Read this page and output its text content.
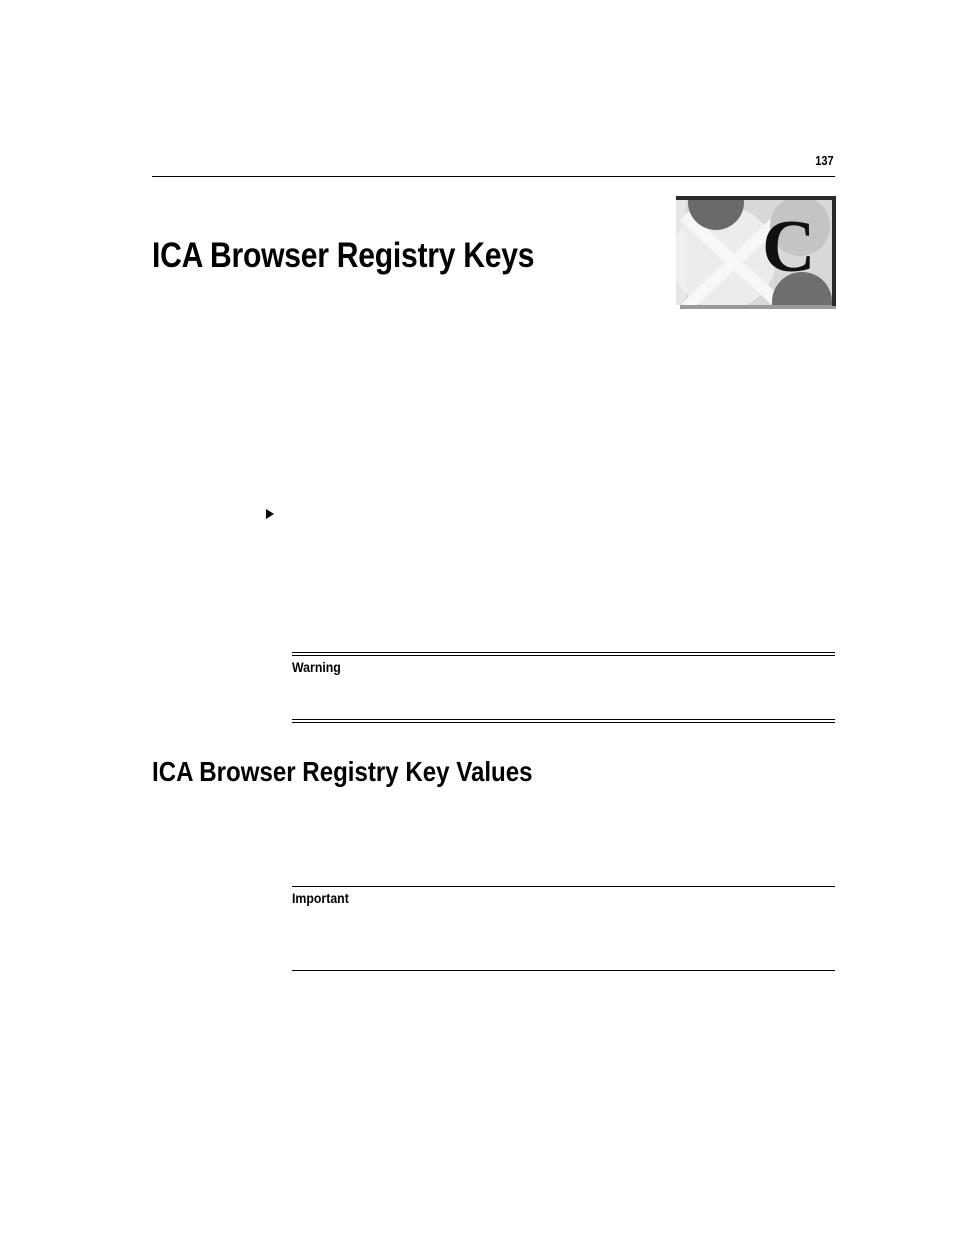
137
ICA Browser Registry Keys	C
Warning
ICA Browser Registry Key Values
Important
